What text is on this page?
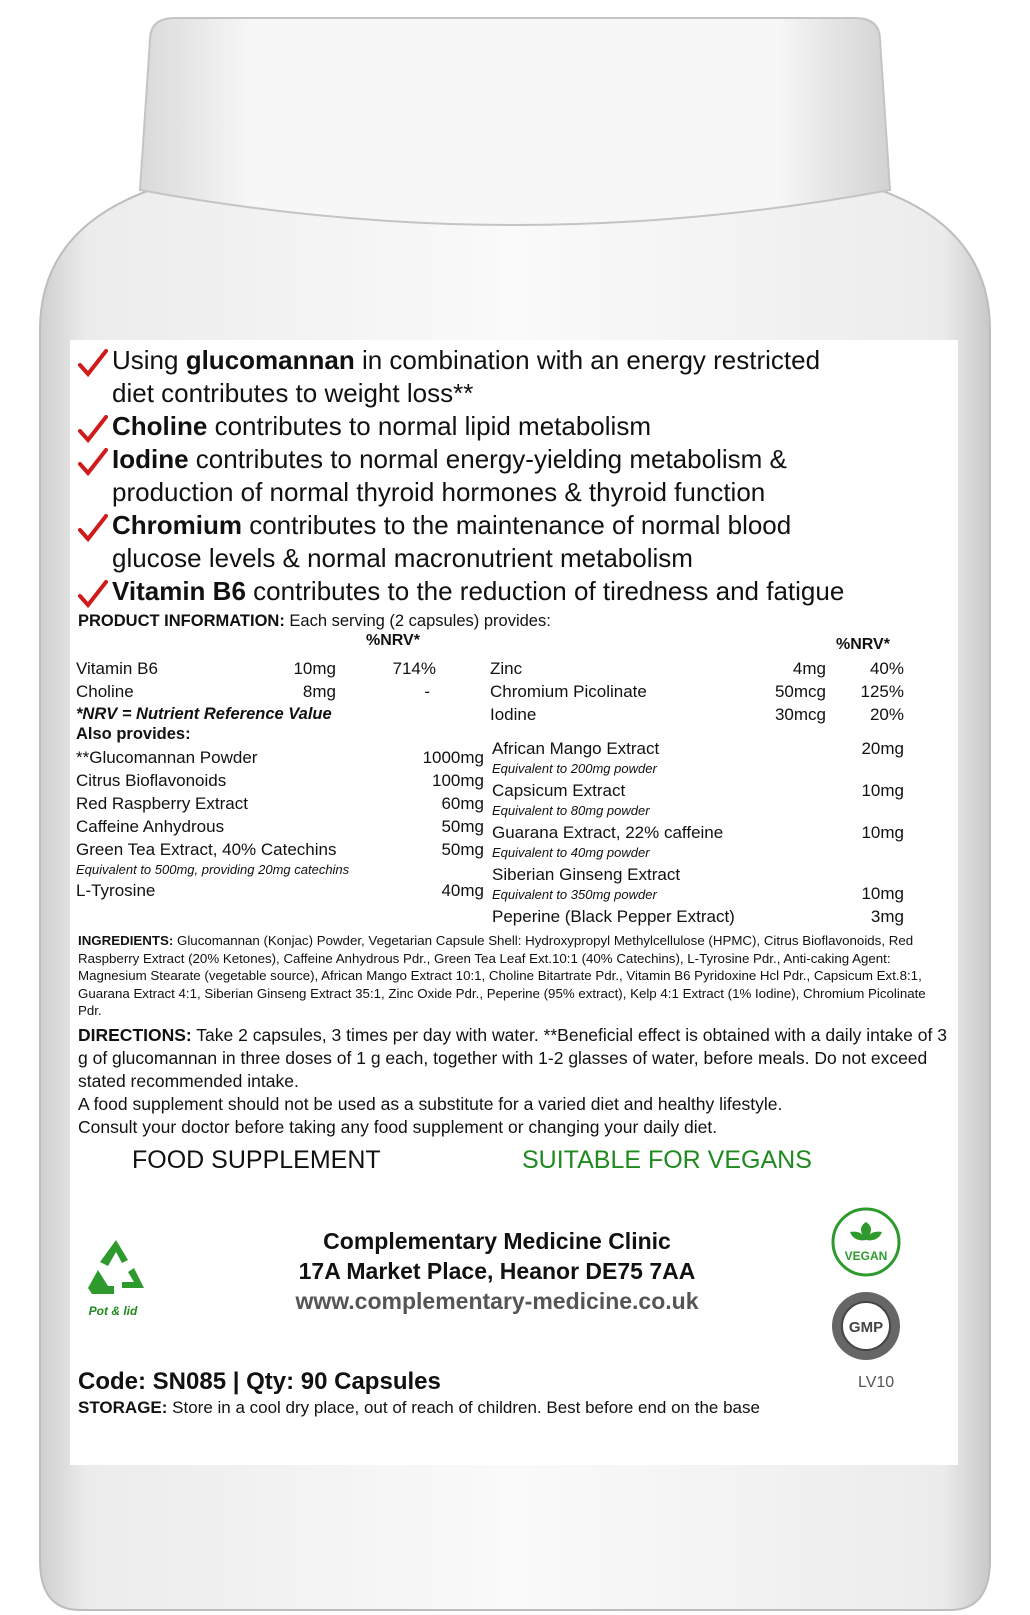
Using glucomannan in combination with an energy restricted
diet contributes to weight loss**
Choline contributes to normal lipid metabolism
Iodine contributes to normal energy-yielding metabolism &
production of normal thyroid hormones & thyroid function
Chromium contributes to the maintenance of normal blood
glucose levels & normal macronutrient metabolism
Vitamin B6 contributes to the reduction of tiredness and fatigue
PRODUCT INFORMATION: Each serving (2 capsules) provides:
%NRV*	%NRV*
Vitamin B6	10mg	714%
Choline	8mg	-
*NRV = Nutrient Reference Value
Zinc	4mg	40%
Chromium Picolinate	50mcg 125%
Iodine	30mcg	20%
Also provides:
**Glucomannan Powder	1000mg
Citrus Bioflavonoids	100mg
Red Raspberry Extract	60mg
Caffeine Anhydrous	50mg
Green Tea Extract, 40% Catechins	50mg
Equivalent to 500mg, providing 20mg catechins
L-Tyrosine	40mg
African Mango Extract	20mg
Equivalent to 200mg powder
Capsicum Extract	10mg
Equivalent to 80mg powder
Guarana Extract, 22% caffeine	10mg
Equivalent to 40mg powder
Siberian Ginseng Extract
Equivalent to 350mg powder	10mg
Peperine (Black Pepper Extract)	3mg
INGREDIENTS: Glucomannan (Konjac) Powder, Vegetarian Capsule Shell: Hydroxypropyl Methylcellulose (HPMC), Citrus Bioflavonoids, Red Raspberry Extract (20% Ketones), Caffeine Anhydrous Pdr., Green Tea Leaf Ext.10:1 (40% Catechins), L-Tyrosine Pdr., Anti-caking Agent: Magnesium Stearate (vegetable source), African Mango Extract 10:1, Choline Bitartrate Pdr., Vitamin B6 Pyridoxine Hcl Pdr., Capsicum Ext.8:1, Guarana Extract 4:1, Siberian Ginseng Extract 35:1, Zinc Oxide Pdr., Peperine (95% extract), Kelp 4:1 Extract (1% Iodine), Chromium Picolinate Pdr.
DIRECTIONS: Take 2 capsules, 3 times per day with water. **Beneficial effect is obtained with a daily intake of 3 g of glucomannan in three doses of 1 g each, together with 1-2 glasses of water, before meals. Do not exceed stated recommended intake.
A food supplement should not be used as a substitute for a varied diet and healthy lifestyle.
Consult your doctor before taking any food supplement or changing your daily diet.
FOOD SUPPLEMENT	SUITABLE FOR VEGANS
Complementary Medicine Clinic
17A Market Place, Heanor DE75 7AA
www.complementary-medicine.co.uk
Pot & lid
VEGAN
GMP
Code: SN085 | Qty: 90 Capsules	LV10
STORAGE: Store in a cool dry place, out of reach of children. Best before end on the base
